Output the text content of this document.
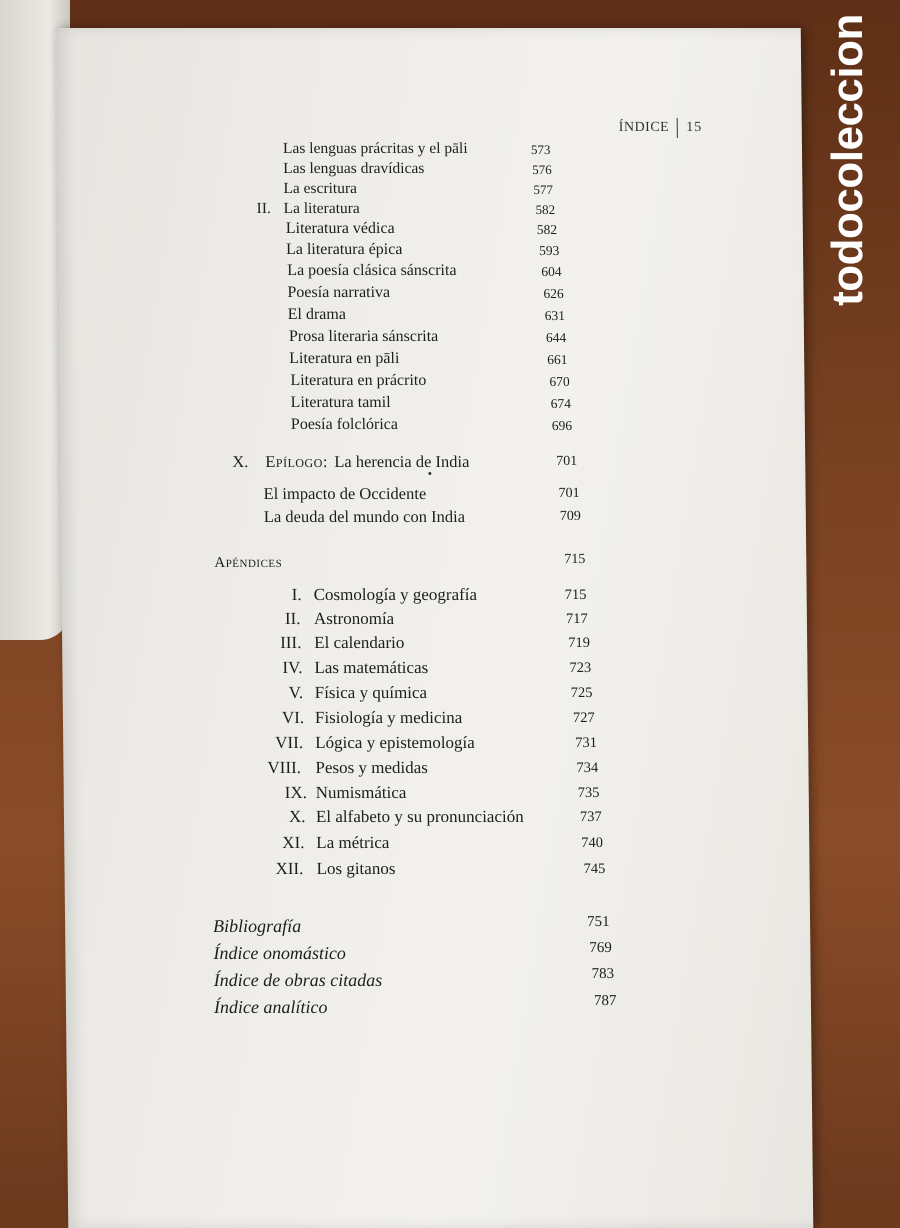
ÍNDICE 15
Las lenguas prácritas y el pāli	573
Las lenguas dravídicas	576
La escritura	577
II. La literatura	582
Literatura védica	582
La literatura épica	593
La poesía clásica sánscrita	604
Poesía narrativa	626
El drama	631
Prosa literaria sánscrita	644
Literatura en pāli	661
Literatura en prácrito	670
Literatura tamil	674
Poesía folclórica	696
X. Epílogo: La herencia de India	701
El impacto de Occidente	701
La deuda del mundo con India	709
Apéndices	715
I. Cosmología y geografía	715
II. Astronomía	717
III. El calendario	719
IV. Las matemáticas	723
V. Física y química	725
VI. Fisiología y medicina	727
VII. Lógica y epistemología	731
VIII. Pesos y medidas	734
IX. Numismática	735
X. El alfabeto y su pronunciación	737
XI. La métrica	740
XII. Los gitanos	745
Bibliografía	751
Índice onomástico	769
Índice de obras citadas	783
Índice analítico	787
todocoleccion
